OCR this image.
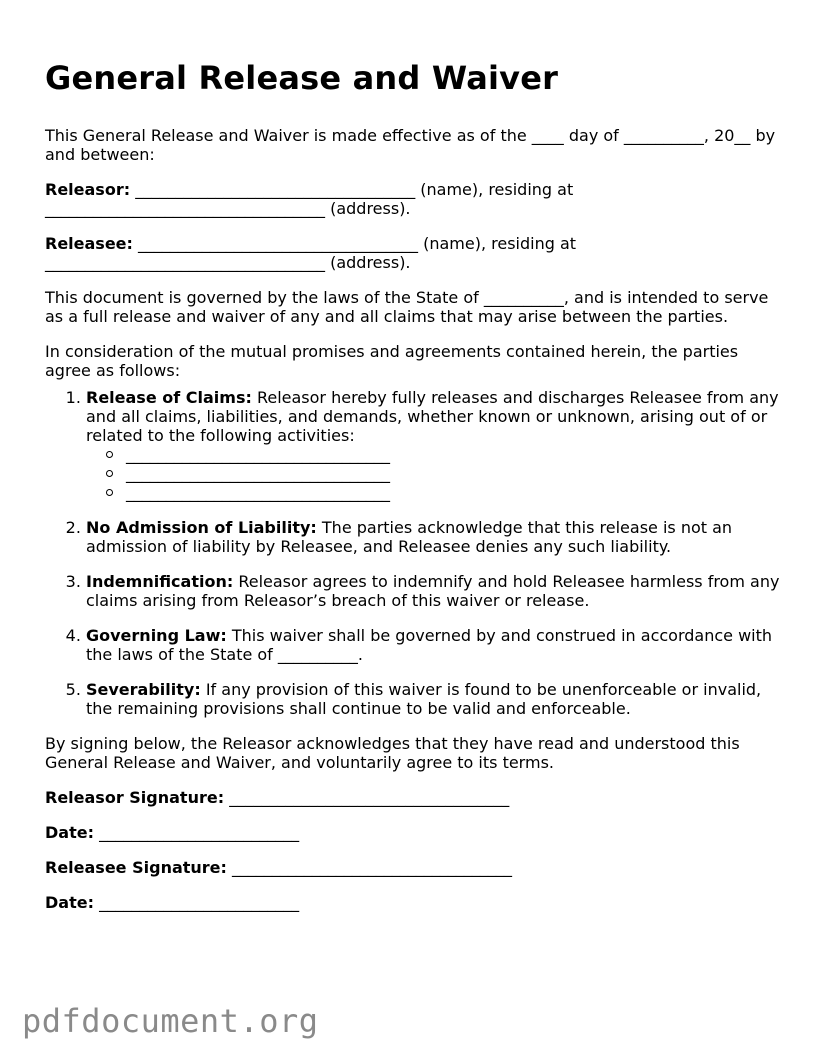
General Release and Waiver

This General Release and Waiver is made effective as of the ____ day of __________, 20__ by and between:

Releasor: ___________________________________ (name), residing at

___________________________________ (address).

Releasee: ___________________________________ (name), residing at

___________________________________ (address).

This document is governed by the laws of the State of __________, and is intended to serve as a full release and waiver of any and all claims that may arise between the parties.

In consideration of the mutual promises and agreements contained herein, the parties agree as follows:

1. Release of Claims: Releasor hereby fully releases and discharges Releasee from any and all claims, liabilities, and demands, whether known or unknown, arising out of or related to the following activities:
_________________________________
_________________________________
_________________________________
2. No Admission of Liability: The parties acknowledge that this release is not an admission of liability by Releasee, and Releasee denies any such liability.
3. Indemnification: Releasor agrees to indemnify and hold Releasee harmless from any claims arising from Releasor’s breach of this waiver or release.
4. Governing Law: This waiver shall be governed by and construed in accordance with the laws of the State of __________.
5. Severability: If any provision of this waiver is found to be unenforceable or invalid, the remaining provisions shall continue to be valid and enforceable.

By signing below, the Releasor acknowledges that they have read and understood this General Release and Waiver, and voluntarily agree to its terms.

Releasor Signature: ___________________________________
Date: _________________________
Releasee Signature: ___________________________________
Date: _________________________
pdfdocument.org
